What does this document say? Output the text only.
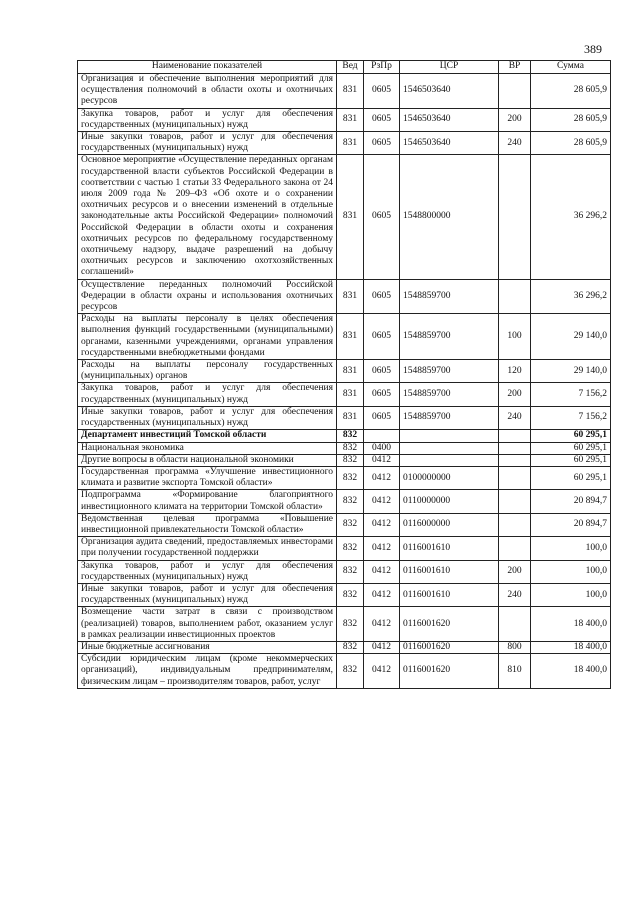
389
Наименование показателей	Вед	РзПр	ЦСР	ВР	Сумма
Организация и обеспечение выполнения мероприятий для осуществления полномочий в области охоты и охотничьих ресурсов	831	0605	1546503640		28 605,9
Закупка товаров, работ и услуг для обеспечения государственных (муниципальных) нужд	831	0605	1546503640	200	28 605,9
Иные закупки товаров, работ и услуг для обеспечения государственных (муниципальных) нужд	831	0605	1546503640	240	28 605,9
Основное мероприятие «Осуществление переданных органам государственной власти субъектов Российской Федерации в соответствии с частью 1 статьи 33 Федерального закона от 24 июля 2009 года № 209–ФЗ «Об охоте и о сохранении охотничьих ресурсов и о внесении изменений в отдельные законодательные акты Российской Федерации» полномочий Российской Федерации в области охоты и сохранения охотничьих ресурсов по федеральному государственному охотничьему надзору, выдаче разрешений на добычу охотничьих ресурсов и заключению охотхозяйственных соглашений»	831	0605	1548800000		36 296,2
Осуществление переданных полномочий Российской Федерации в области охраны и использования охотничьих ресурсов	831	0605	1548859700		36 296,2
Расходы на выплаты персоналу в целях обеспечения выполнения функций государственными (муниципальными) органами, казенными учреждениями, органами управления государственными внебюджетными фондами	831	0605	1548859700	100	29 140,0
Расходы на выплаты персоналу государственных (муниципальных) органов	831	0605	1548859700	120	29 140,0
Закупка товаров, работ и услуг для обеспечения государственных (муниципальных) нужд	831	0605	1548859700	200	7 156,2
Иные закупки товаров, работ и услуг для обеспечения государственных (муниципальных) нужд	831	0605	1548859700	240	7 156,2
Департамент инвестиций Томской области	832				60 295,1
Национальная экономика	832	0400			60 295,1
Другие вопросы в области национальной экономики	832	0412			60 295,1
Государственная программа «Улучшение инвестиционного климата и развитие экспорта Томской области»	832	0412	0100000000		60 295,1
Подпрограмма «Формирование благоприятного инвестиционного климата на территории Томской области»	832	0412	0110000000		20 894,7
Ведомственная целевая программа «Повышение инвестиционной привлекательности Томской области»	832	0412	0116000000		20 894,7
Организация аудита сведений, предоставляемых инвесторами при получении государственной поддержки	832	0412	0116001610		100,0
Закупка товаров, работ и услуг для обеспечения государственных (муниципальных) нужд	832	0412	0116001610	200	100,0
Иные закупки товаров, работ и услуг для обеспечения государственных (муниципальных) нужд	832	0412	0116001610	240	100,0
Возмещение части затрат в связи с производством (реализацией) товаров, выполнением работ, оказанием услуг в рамках реализации инвестиционных проектов	832	0412	0116001620		18 400,0
Иные бюджетные ассигнования	832	0412	0116001620	800	18 400,0
Субсидии юридическим лицам (кроме некоммерческих организаций), индивидуальным предпринимателям, физическим лицам – производителям товаров, работ, услуг	832	0412	0116001620	810	18 400,0
